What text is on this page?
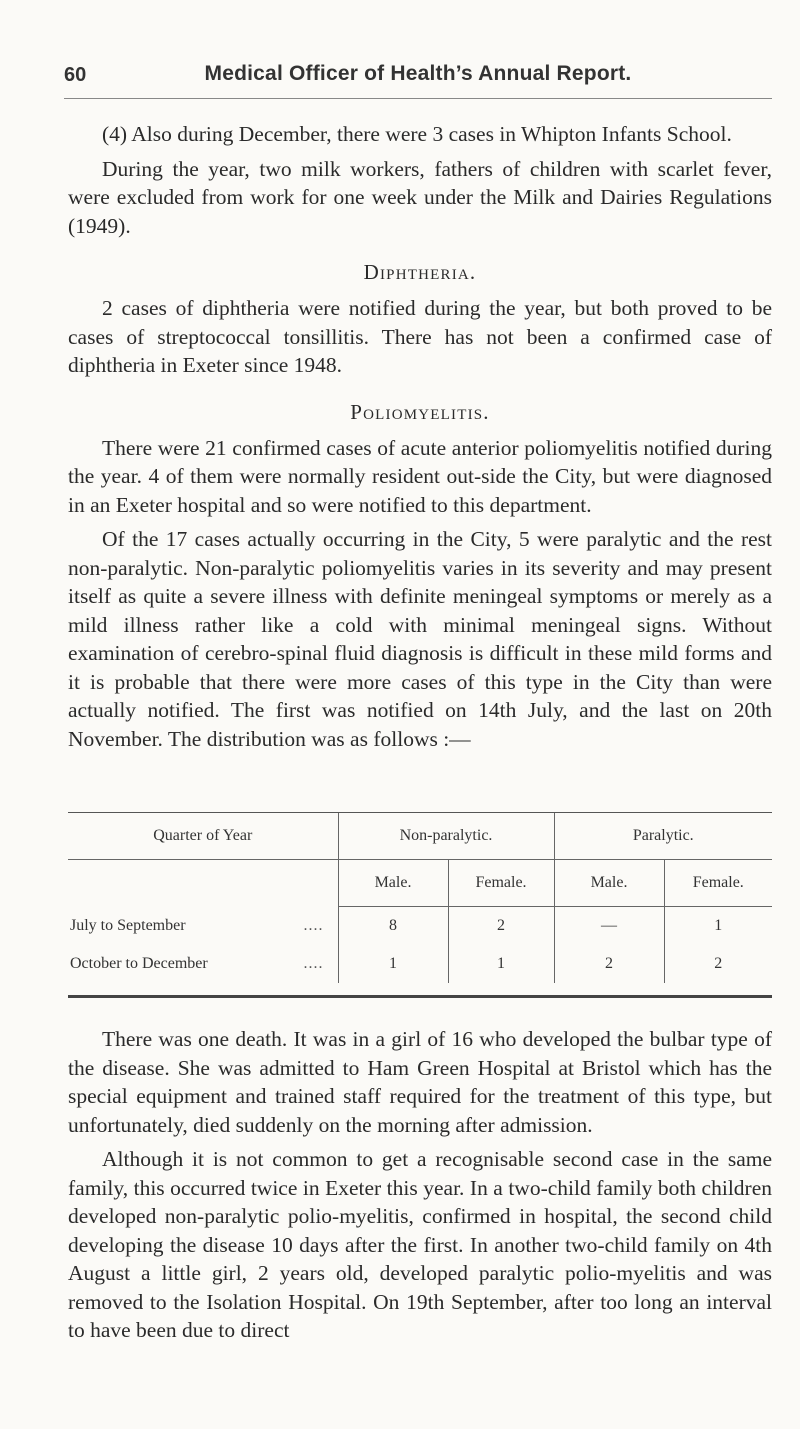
60	Medical Officer of Health’s Annual Report.

(4) Also during December, there were 3 cases in Whipton Infants School.

During the year, two milk workers, fathers of children with scarlet fever, were excluded from work for one week under the Milk and Dairies Regulations (1949).

Diphtheria.

2 cases of diphtheria were notified during the year, but both proved to be cases of streptococcal tonsillitis. There has not been a confirmed case of diphtheria in Exeter since 1948.

Poliomyelitis.

There were 21 confirmed cases of acute anterior poliomyelitis notified during the year. 4 of them were normally resident out-side the City, but were diagnosed in an Exeter hospital and so were notified to this department.

Of the 17 cases actually occurring in the City, 5 were paralytic and the rest non-paralytic. Non-paralytic poliomyelitis varies in its severity and may present itself as quite a severe illness with definite meningeal symptoms or merely as a mild illness rather like a cold with minimal meningeal signs. Without examination of cerebro-spinal fluid diagnosis is difficult in these mild forms and it is probable that there were more cases of this type in the City than were actually notified. The first was notified on 14th July, and the last on 20th November. The distribution was as follows :—

Quarter of Year	Non-paralytic.		Paralytic.	
	Male.	Female.	Male.	Female.
July to September ....	8	2	—	1
October to December ....	1	1	2	2

There was one death. It was in a girl of 16 who developed the bulbar type of the disease. She was admitted to Ham Green Hospital at Bristol which has the special equipment and trained staff required for the treatment of this type, but unfortunately, died suddenly on the morning after admission.

Although it is not common to get a recognisable second case in the same family, this occurred twice in Exeter this year. In a two-child family both children developed non-paralytic polio-myelitis, confirmed in hospital, the second child developing the disease 10 days after the first. In another two-child family on 4th August a little girl, 2 years old, developed paralytic polio-myelitis and was removed to the Isolation Hospital. On 19th September, after too long an interval to have been due to direct
